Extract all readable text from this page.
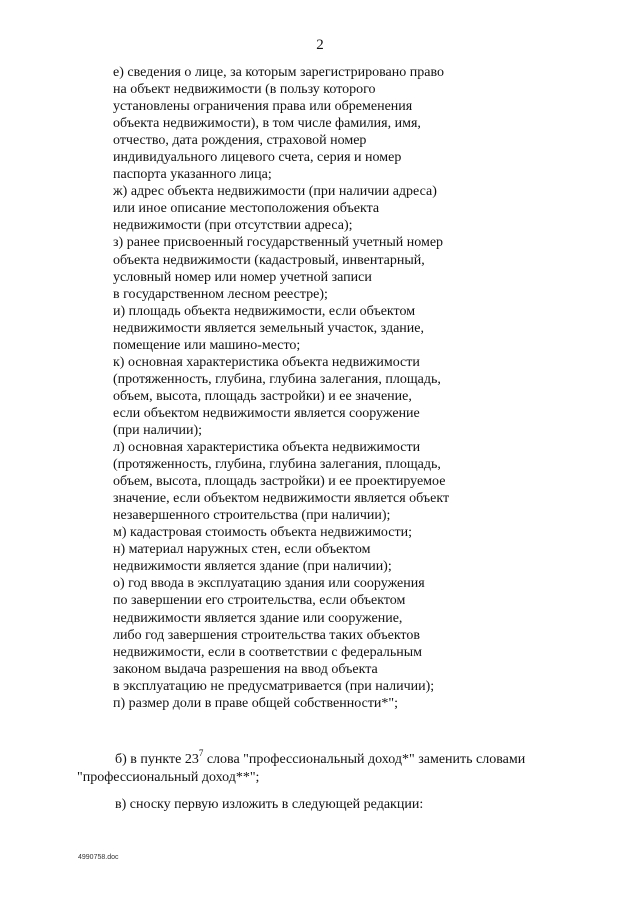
2
е) сведения о лице, за которым зарегистрировано право
на объект недвижимости (в пользу которого
установлены ограничения права или обременения
объекта недвижимости), в том числе фамилия, имя,
отчество, дата рождения, страховой номер
индивидуального лицевого счета, серия и номер
паспорта указанного лица;
ж) адрес объекта недвижимости (при наличии адреса)
или иное описание местоположения объекта
недвижимости (при отсутствии адреса);
з) ранее присвоенный государственный учетный номер
объекта недвижимости (кадастровый, инвентарный,
условный номер или номер учетной записи
в государственном лесном реестре);
и) площадь объекта недвижимости, если объектом
недвижимости является земельный участок, здание,
помещение или машино-место;
к) основная характеристика объекта недвижимости
(протяженность, глубина, глубина залегания, площадь,
объем, высота, площадь застройки) и ее значение,
если объектом недвижимости является сооружение
(при наличии);
л) основная характеристика объекта недвижимости
(протяженность, глубина, глубина залегания, площадь,
объем, высота, площадь застройки) и ее проектируемое
значение, если объектом недвижимости является объект
незавершенного строительства (при наличии);
м) кадастровая стоимость объекта недвижимости;
н) материал наружных стен, если объектом
недвижимости является здание (при наличии);
о) год ввода в эксплуатацию здания или сооружения
по завершении его строительства, если объектом
недвижимости является здание или сооружение,
либо год завершения строительства таких объектов
недвижимости, если в соответствии с федеральным
законом выдача разрешения на ввод объекта
в эксплуатацию не предусматривается (при наличии);
п) размер доли в праве общей собственности*";
б) в пункте $23^7$ слова "профессиональный доход*" заменить словами
"профессиональный доход**";
в) сноску первую изложить в следующей редакции:
4990758.doc
